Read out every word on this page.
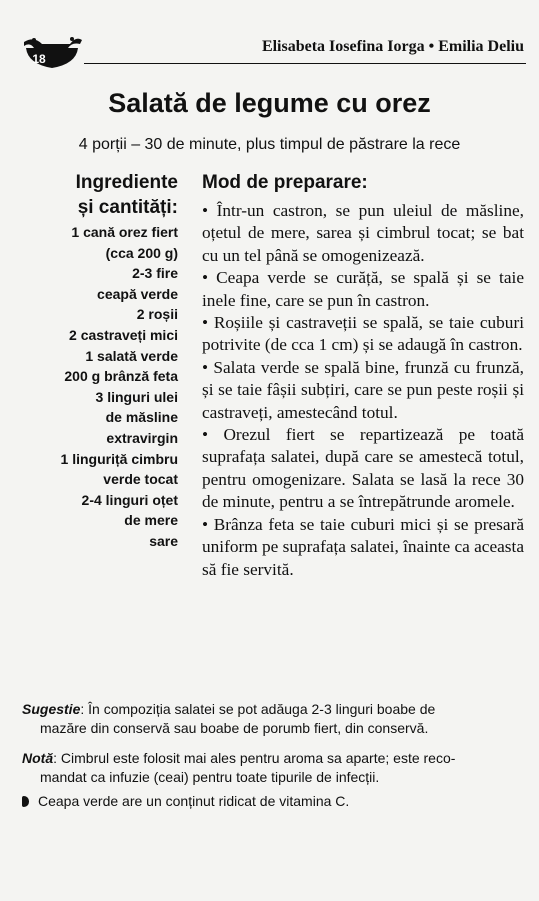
18
Elisabeta Iosefina Iorga • Emilia Deliu
Salată de legume cu orez
4 porții – 30 de minute, plus timpul de păstrare la rece
Ingrediente
și cantități:
1 cană orez fiert
(cca 200 g)
2-3 fire
ceapă verde
2 roșii
2 castraveți mici
1 salată verde
200 g brânză feta
3 linguri ulei
de măsline
extravirgin
1 linguriță cimbru
verde tocat
2-4 linguri oțet
de mere
sare
Mod de preparare:

• Într-un castron, se pun uleiul de măsline, oțetul de mere, sarea și cimbrul tocat; se bat cu un tel până se omogenizează.

• Ceapa verde se curăță, se spală și se taie inele fine, care se pun în castron.

• Roșiile și castraveții se spală, se taie cuburi potrivite (de cca 1 cm) și se adaugă în castron.

• Salata verde se spală bine, frunză cu frunză, și se taie fâșii subțiri, care se pun peste roșii și castraveți, amestecând totul.

• Orezul fiert se repartizează pe toată suprafața salatei, după care se amestecă totul, pentru omogenizare. Salata se lasă la rece 30 de minute, pentru a se întrepătrunde aromele.

• Brânza feta se taie cuburi mici și se presară uniform pe suprafața salatei, înainte ca aceasta să fie servită.

Sugestie: În compoziția salatei se pot adăuga 2-3 linguri boabe de
mazăre din conservă sau boabe de porumb fiert, din conservă.
Notă: Cimbrul este folosit mai ales pentru aroma sa aparte; este reco-
mandat ca infuzie (ceai) pentru toate tipurile de infecții.
Ceapa verde are un conținut ridicat de vitamina C.
